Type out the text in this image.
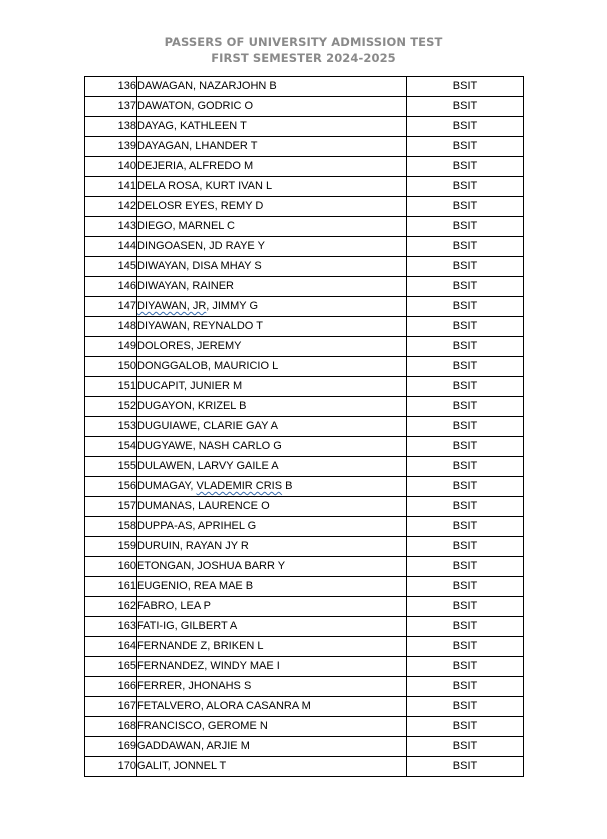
PASSERS OF UNIVERSITY ADMISSION TEST
FIRST SEMESTER 2024-2025
136	DAWAGAN, NAZARJOHN B	BSIT
137	DAWATON, GODRIC O	BSIT
138	DAYAG, KATHLEEN T	BSIT
139	DAYAGAN, LHANDER T	BSIT
140	DEJERIA, ALFREDO M	BSIT
141	DELA ROSA, KURT IVAN L	BSIT
142	DELOSR EYES, REMY D	BSIT
143	DIEGO, MARNEL C	BSIT
144	DINGOASEN, JD RAYE Y	BSIT
145	DIWAYAN, DISA MHAY S	BSIT
146	DIWAYAN, RAINER	BSIT
147	DIYAWAN, JR, JIMMY G	BSIT
148	DIYAWAN, REYNALDO T	BSIT
149	DOLORES, JEREMY	BSIT
150	DONGGALOB, MAURICIO L	BSIT
151	DUCAPIT, JUNIER M	BSIT
152	DUGAYON, KRIZEL B	BSIT
153	DUGUIAWE, CLARIE GAY A	BSIT
154	DUGYAWE, NASH CARLO G	BSIT
155	DULAWEN, LARVY GAILE A	BSIT
156	DUMAGAY, VLADEMIR CRIS B	BSIT
157	DUMANAS, LAURENCE O	BSIT
158	DUPPA-AS, APRIHEL G	BSIT
159	DURUIN, RAYAN JY R	BSIT
160	ETONGAN, JOSHUA BARR Y	BSIT
161	EUGENIO, REA MAE B	BSIT
162	FABRO, LEA P	BSIT
163	FATI-IG, GILBERT A	BSIT
164	FERNANDE Z, BRIKEN L	BSIT
165	FERNANDEZ, WINDY MAE I	BSIT
166	FERRER, JHONAHS S	BSIT
167	FETALVERO, ALORA CASANRA M	BSIT
168	FRANCISCO, GEROME N	BSIT
169	GADDAWAN, ARJIE M	BSIT
170	GALIT, JONNEL T	BSIT
